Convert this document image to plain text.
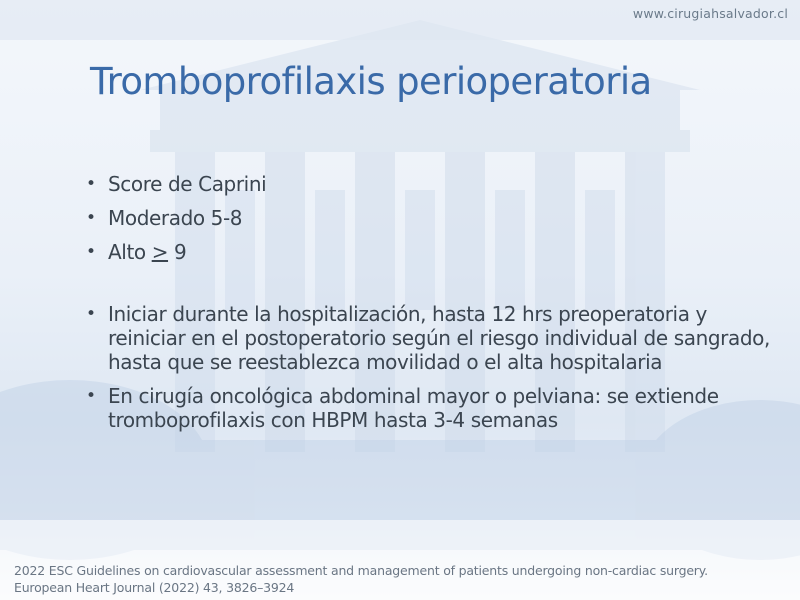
www.cirugiahsalvador.cl
Tromboprofilaxis perioperatoria
• Score de Caprini
• Moderado 5-8
• Alto ≥ 9
• Iniciar durante la hospitalización, hasta 12 hrs preoperatoria y reiniciar en el postoperatorio según el riesgo individual de sangrado, hasta que se reestablezca movilidad o el alta hospitalaria
• En cirugía oncológica abdominal mayor o pelviana: se extiende tromboprofilaxis con HBPM hasta 3-4 semanas
2022 ESC Guidelines on cardiovascular assessment and management of patients undergoing non-cardiac surgery.
European Heart Journal (2022) 43, 3826–3924
